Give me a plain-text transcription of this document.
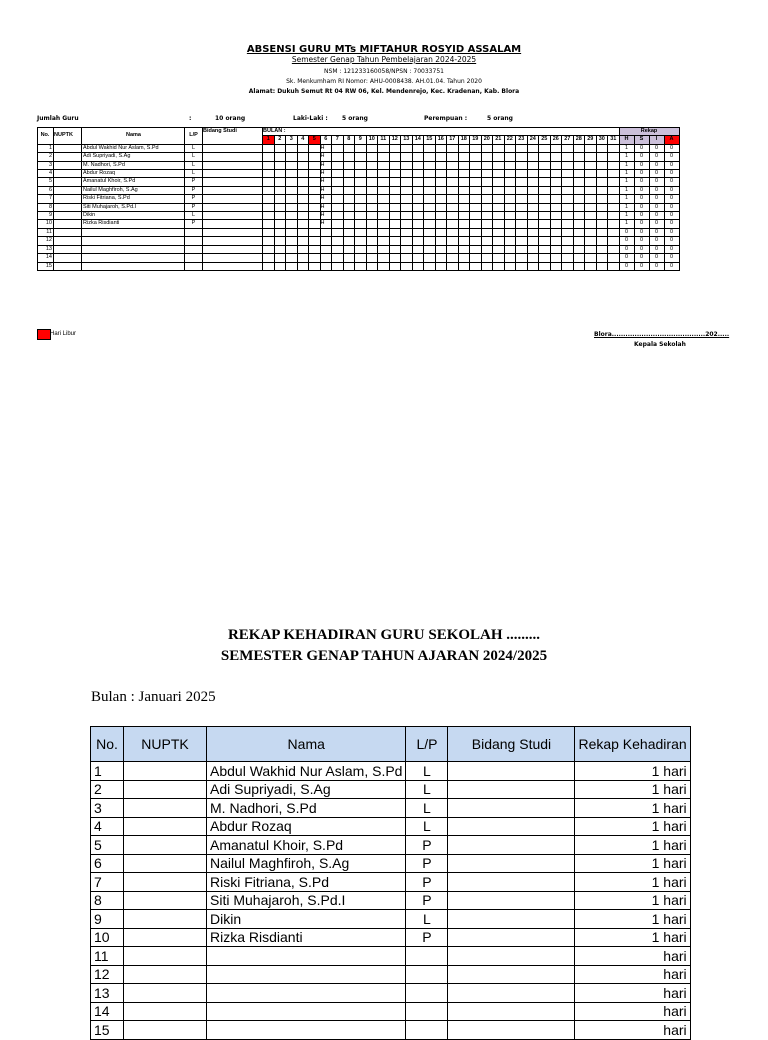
ABSENSI GURU MTs MIFTAHUR ROSYID ASSALAM
Semester Genap Tahun Pembelajaran 2024-2025
NSM : 121233160058/NPSN : 70033751
Sk. Menkumham RI Nomor: AHU-0008438. AH.01.04. Tahun 2020
Alamat: Dukuh Semut Rt 04 RW 06, Kel. Mendenrejo, Kec. Kradenan, Kab. Blora
Jumlah Guru	:	10 orang	Laki-Laki : 5 orang	Perempuan :	5 orang
No.	NUPTK	Nama	L/P	Bidang Studi	BULAN :																															Rekap			
					1	2	3	4	5	6	7	8	9	10	11	12	13	14	15	16	17	18	19	20	21	22	23	24	25	26	27	28	29	30	31	H	S	I	A
1		Abdul Wakhid Nur Aslam, S.Pd	L							H																										1	0	0	0
2		Adi Supriyadi, S.Ag	L							H																										1	0	0	0
3		M. Nadhori, S.Pd	L							H																										1	0	0	0
4		Abdur Rozaq	L							H																										1	0	0	0
5		Amanatul Khoir, S.Pd	P							H																										1	0	0	0
6		Nailul Maghfiroh, S.Ag	P							H																										1	0	0	0
7		Riski Fitriana, S.Pd	P							H																										1	0	0	0
8		Siti Muhajaroh, S.Pd.I	P							H																										1	0	0	0
9		Dikin	L							H																										1	0	0	0
10		Rizka Risdianti	P							H																										1	0	0	0
11																																				0	0	0	0
12																																				0	0	0	0
13																																				0	0	0	0
14																																				0	0	0	0
15																																				0	0	0	0
Hari Libur	Blora.........................................202.....
Kepala Sekolah
REKAP KEHADIRAN GURU SEKOLAH .........
SEMESTER GENAP TAHUN AJARAN 2024/2025
Bulan : Januari 2025
No.	NUPTK	Nama	L/P	Bidang Studi	Rekap Kehadiran
1		Abdul Wakhid Nur Aslam, S.Pd	L		1 hari
2		Adi Supriyadi, S.Ag	L		1 hari
3		M. Nadhori, S.Pd	L		1 hari
4		Abdur Rozaq	L		1 hari
5		Amanatul Khoir, S.Pd	P		1 hari
6		Nailul Maghfiroh, S.Ag	P		1 hari
7		Riski Fitriana, S.Pd	P		1 hari
8		Siti Muhajaroh, S.Pd.I	P		1 hari
9		Dikin	L		1 hari
10		Rizka Risdianti	P		1 hari
11					hari
12					hari
13					hari
14					hari
15					hari
